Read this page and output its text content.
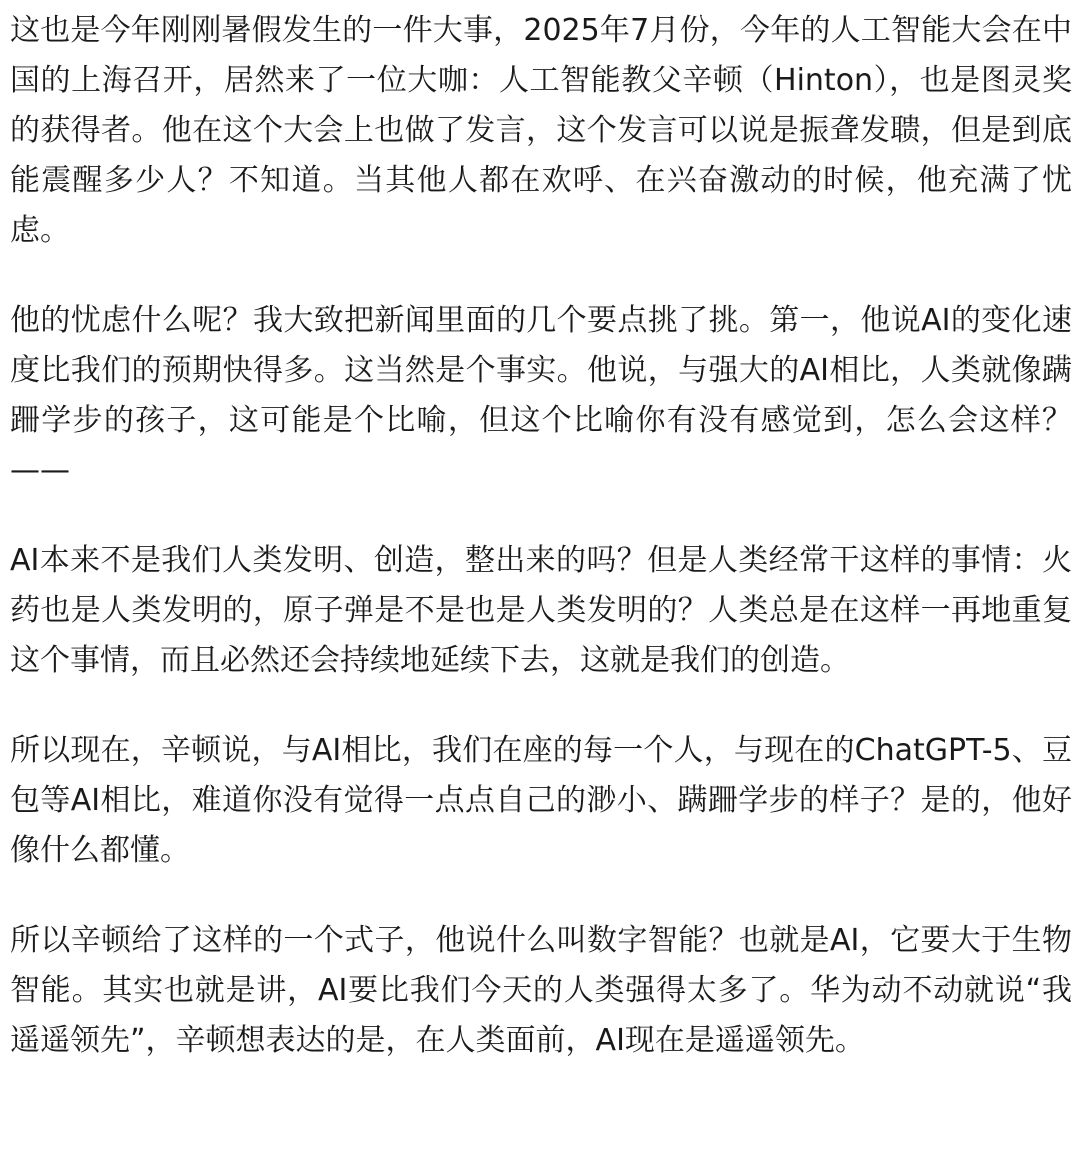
这也是今年刚刚暑假发生的一件大事，2025年7月份，今年的人工智能大会在中国的上海召开，居然来了一位大咖：人工智能教父辛顿（Hinton），也是图灵奖的获得者。他在这个大会上也做了发言，这个发言可以说是振聋发聩，但是到底能震醒多少人？不知道。当其他人都在欢呼、在兴奋激动的时候，他充满了忧虑。

他的忧虑什么呢？我大致把新闻里面的几个要点挑了挑。第一，他说AI的变化速度比我们的预期快得多。这当然是个事实。他说，与强大的AI相比，人类就像蹒跚学步的孩子，这可能是个比喻，但这个比喻你有没有感觉到，怎么会这样？——

AI本来不是我们人类发明、创造，整出来的吗？但是人类经常干这样的事情：火药也是人类发明的，原子弹是不是也是人类发明的？人类总是在这样一再地重复这个事情，而且必然还会持续地延续下去，这就是我们的创造。

所以现在，辛顿说，与AI相比，我们在座的每一个人，与现在的ChatGPT-5、豆包等AI相比，难道你没有觉得一点点自己的渺小、蹒跚学步的样子？是的，他好像什么都懂。

所以辛顿给了这样的一个式子，他说什么叫数字智能？也就是AI，它要大于生物智能。其实也就是讲，AI要比我们今天的人类强得太多了。华为动不动就说“我遥遥领先”，辛顿想表达的是，在人类面前，AI现在是遥遥领先。
